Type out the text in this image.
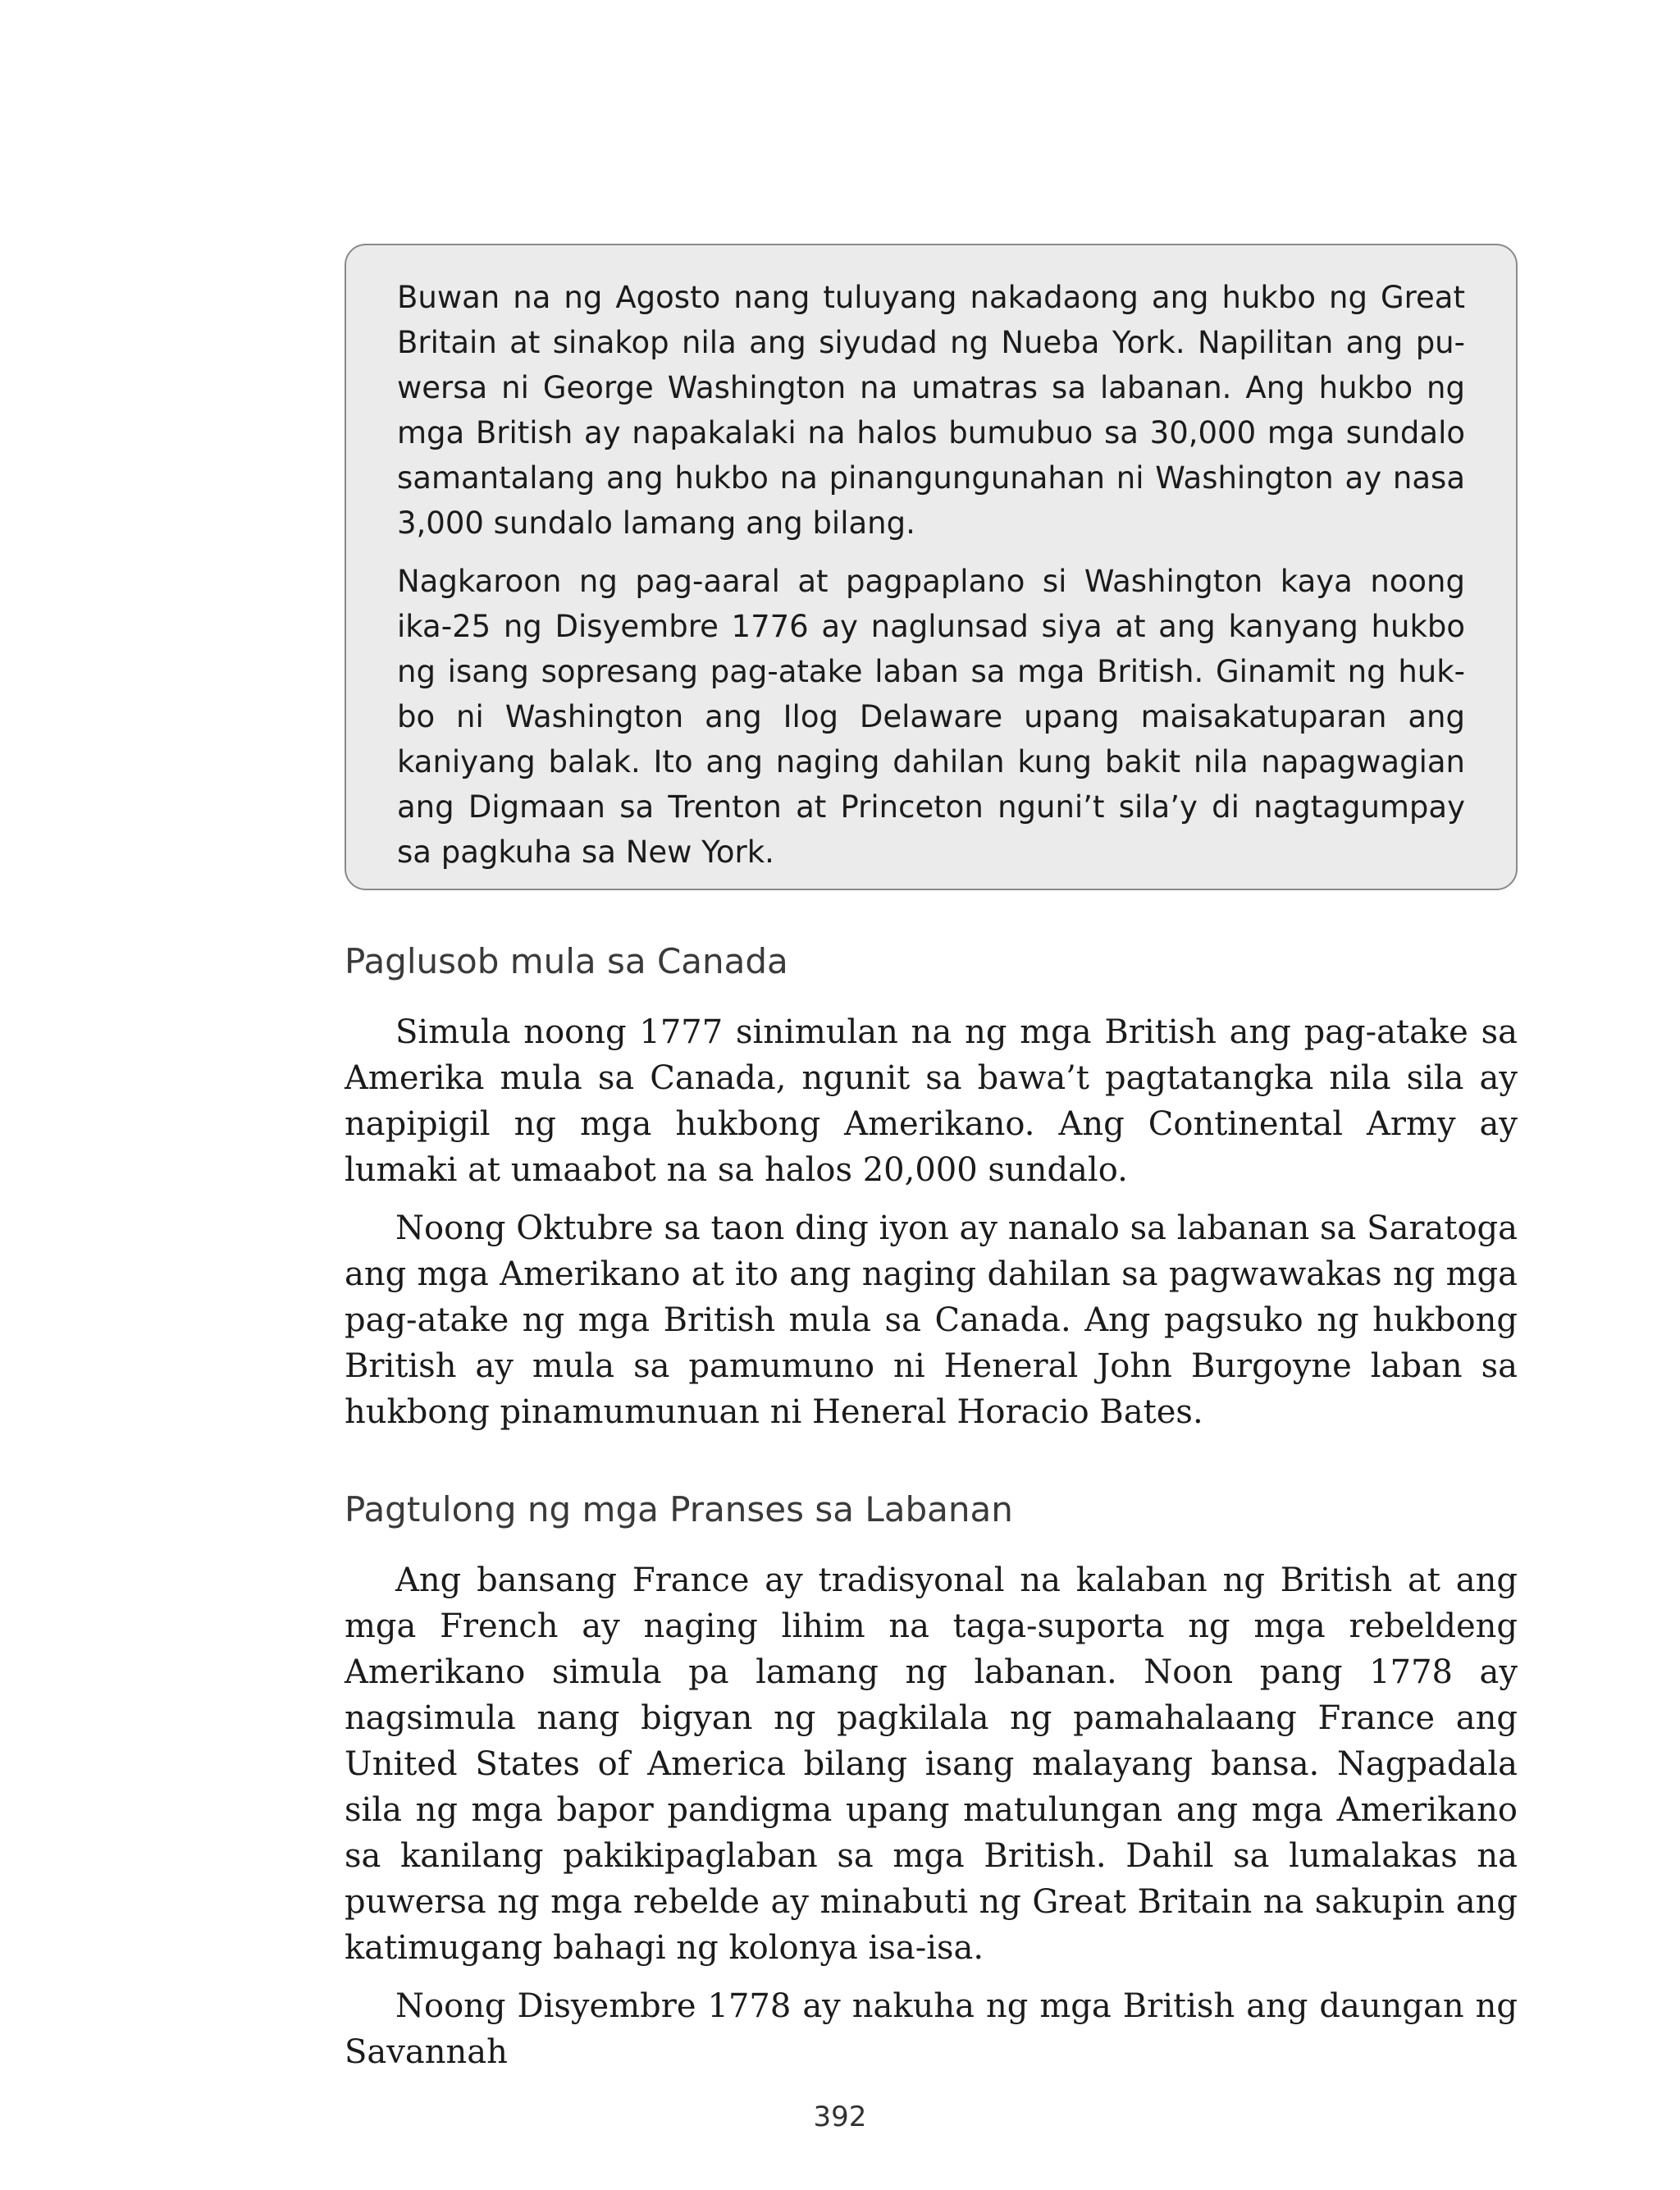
Buwan na ng Agosto nang tuluyang nakadaong ang hukbo ng Great Britain at sinakop nila ang siyudad ng Nueba York. Napilitan ang puwersa ni George Washington na umatras sa labanan. Ang hukbo ng mga British ay napakalaki na halos bumubuo sa 30,000 mga sundalo samantalang ang hukbo na pinangungunahan ni Washington ay nasa 3,000 sundalo lamang ang bilang.

Nagkaroon ng pag-aaral at pagpaplano si Washington kaya noong ika-25 ng Disyembre 1776 ay naglunsad siya at ang kanyang hukbo ng isang sopresang pag-atake laban sa mga British. Ginamit ng hukbo ni Washington ang Ilog Delaware upang maisakatuparan ang kaniyang balak. Ito ang naging dahilan kung bakit nila napagwagian ang Digmaan sa Trenton at Princeton nguni’t sila’y di nagtagumpay sa pagkuha sa New York.

Paglusob mula sa Canada

Simula noong 1777 sinimulan na ng mga British ang pag-atake sa Amerika mula sa Canada, ngunit sa bawa’t pagtatangka nila sila ay napipigil ng mga hukbong Amerikano. Ang Continental Army ay lumaki at umaabot na sa halos 20,000 sundalo.

Noong Oktubre sa taon ding iyon ay nanalo sa labanan sa Saratoga ang mga Amerikano at ito ang naging dahilan sa pagwawakas ng mga pag-atake ng mga British mula sa Canada. Ang pagsuko ng hukbong British ay mula sa pamumuno ni Heneral John Burgoyne laban sa hukbong pinamumunuan ni Heneral Horacio Bates.

Pagtulong ng mga Pranses sa Labanan

Ang bansang France ay tradisyonal na kalaban ng British at ang mga French ay naging lihim na taga-suporta ng mga rebeldeng Amerikano simula pa lamang ng labanan. Noon pang 1778 ay nagsimula nang bigyan ng pagkilala ng pamahalaang France ang United States of America bilang isang malayang bansa. Nagpadala sila ng mga bapor pandigma upang matulungan ang mga Amerikano sa kanilang pakikipaglaban sa mga British. Dahil sa lumalakas na puwersa ng mga rebelde ay minabuti ng Great Britain na sakupin ang katimugang bahagi ng kolonya isa-isa.

Noong Disyembre 1778 ay nakuha ng mga British ang daungan ng Savannah

392
